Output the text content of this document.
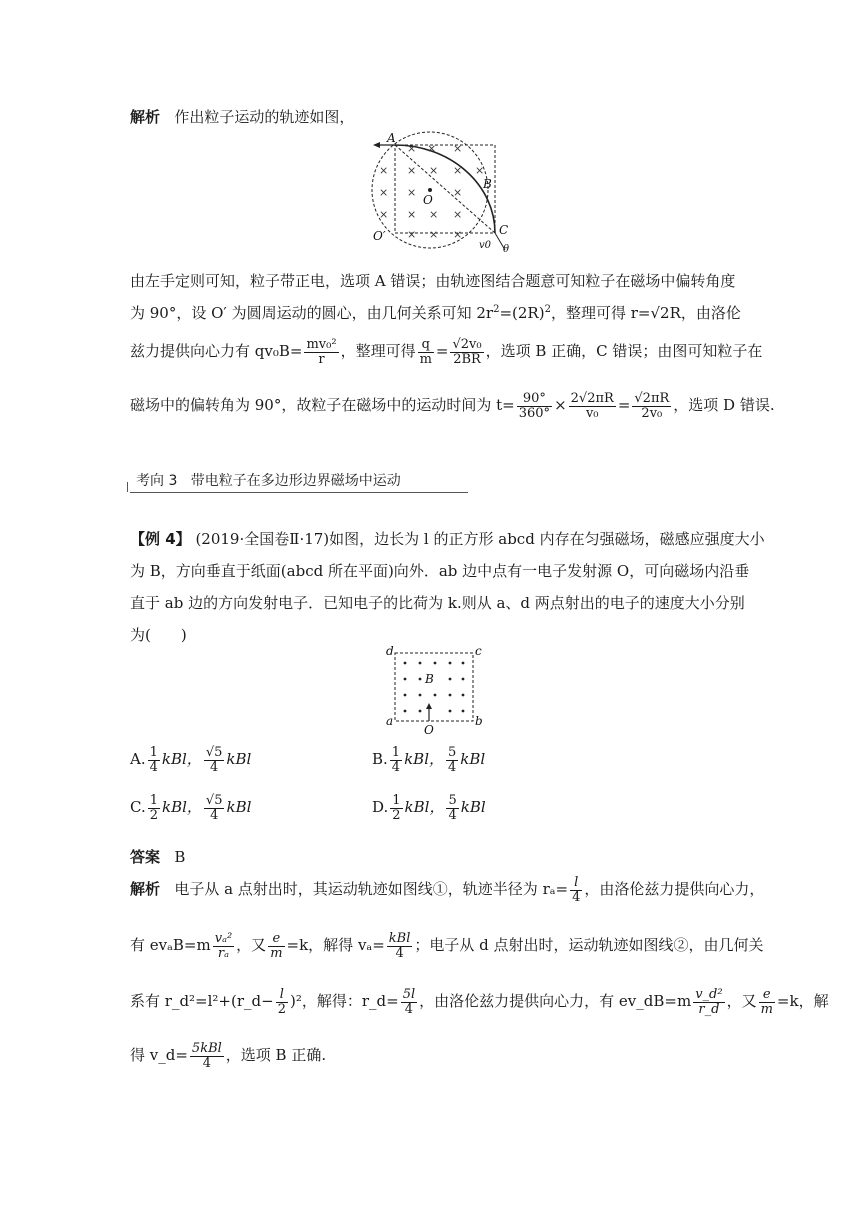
解析 作出粒子运动的轨迹如图，
× × ×
× × × × ×
× ×	×
× × × ×
× × ×
A
B
O
O′	C
v0 θ
由左手定则可知，粒子带正电，选项 A 错误；由轨迹图结合题意可知粒子在磁场中偏转角度
为 90°，设 O′ 为圆周运动的圆心，由几何关系可知 $2r^2=(2R)^2$，整理可得 r=√2R，由洛伦
兹力提供向心力有 $qv_0B= \frac{\text{mv₀²}}{r}$ ，整理可得 $\frac{q}{m} = \frac{\text{√2v₀}}{2BR}$ ，选项 B 正确，C 错误；由图可知粒子在
磁场中的偏转角为 90°，故粒子在磁场中的运动时间为 $t= \frac{90^\circ}{360^\circ} \times \frac{2√2\pi R}{\text{v₀}} = \frac{√2\pi R}{\text{2v₀}}$ ，选项 D 错误.
考向 3 带电粒子在多边形边界磁场中运动
【例 4】 (2019·全国卷Ⅱ·17)如图，边长为 l 的正方形 abcd 内存在匀强磁场，磁感应强度大小
为 B，方向垂直于纸面(abcd 所在平面)向外．ab 边中点有一电子发射源 O，可向磁场内沿垂
直于 ab 边的方向发射电子．已知电子的比荷为 k.则从 a、d 两点射出的电子的速度大小分别
为(　　)
d	c
a	b
B
O
A. $\frac{1}{4}$ kBl， $\frac{√5}{4}$ kBl	B. $\frac{1}{4}$ kBl， $\frac{5}{4}$ kBl
C. $\frac{1}{2}$ kBl， $\frac{√5}{4}$ kBl	D. $\frac{1}{2}$ kBl， $\frac{5}{4}$ kBl
答案 B
解析 电子从 a 点射出时，其运动轨迹如图线①，轨迹半径为 $r_a= \frac{l}{4}$ ，由洛伦兹力提供向心力，
有 $ev_aB=m \frac{\text{vₐ²}}{\text{rₐ}}$ ，又 $\frac{e}{m} =k$，解得 $v_a= \frac{\text{kBl}}{4}$ ；电子从 d 点射出时，运动轨迹如图线②，由几何关
系有 r_d²=l²+(r_d− $\frac{l}{2} )^2$，解得：r_d= $\frac{5l}{4}$ ，由洛伦兹力提供向心力，有 ev_dB=m $\frac{\text{v\_d²}}{r\_d}$ ，又 $\frac{e}{m} =k$，解
得 v_d= $\frac{\text{5kBl}}{4}$ ，选项 B 正确.
